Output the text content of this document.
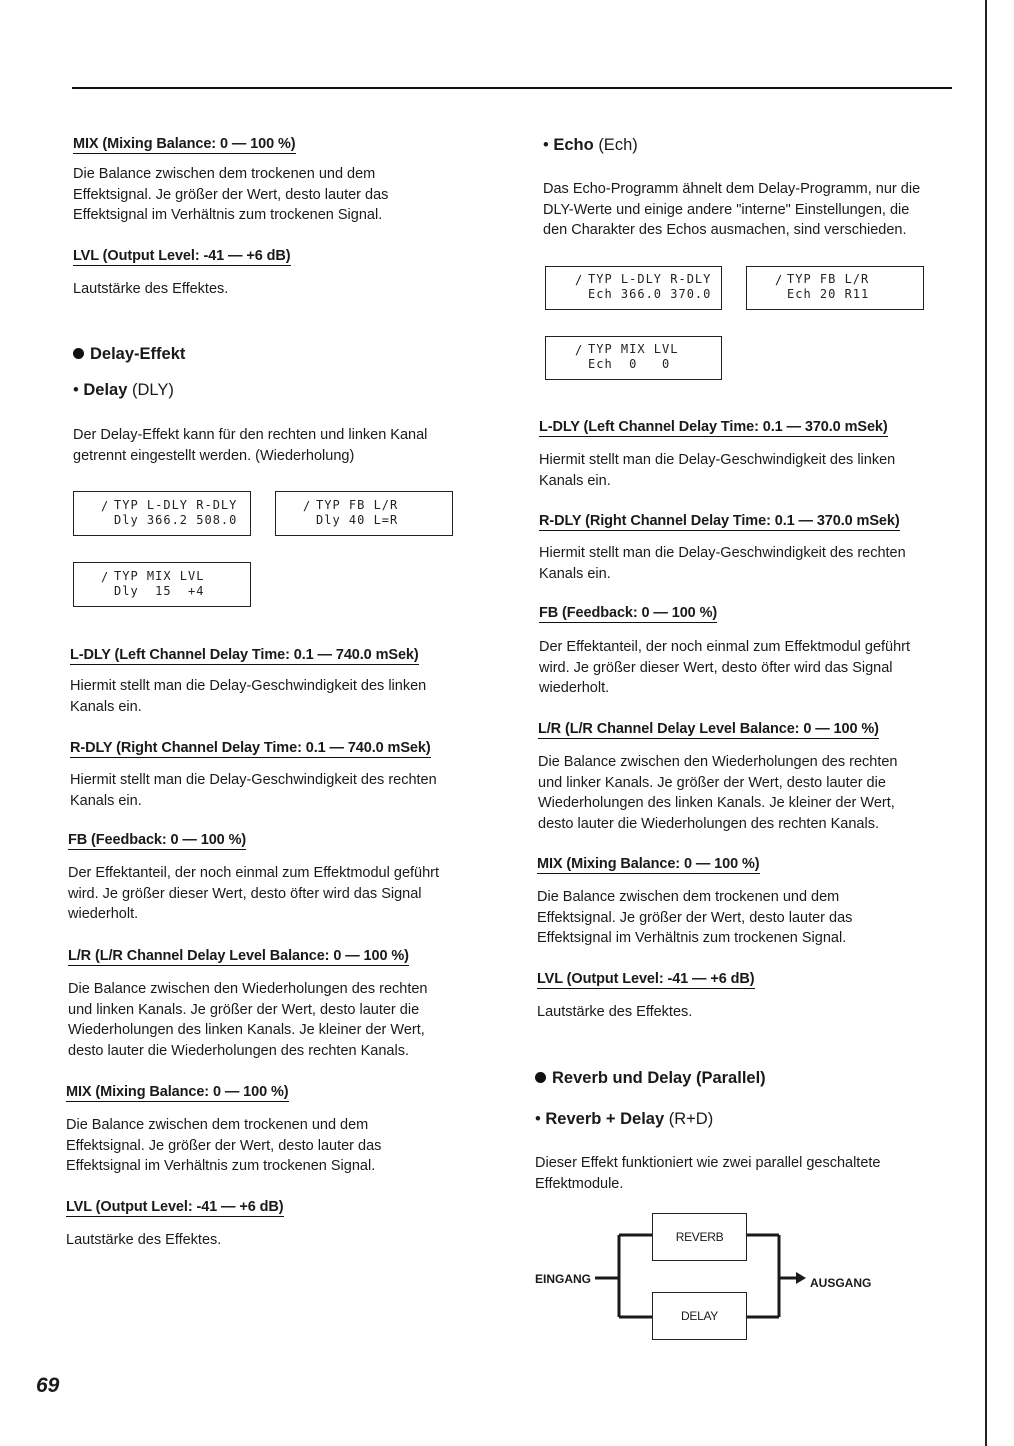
MIX (Mixing Balance: 0 — 100 %)

Die Balance zwischen dem trockenen und dem
Effektsignal. Je größer der Wert, desto lauter das
Effektsignal im Verhältnis zum trockenen Signal.

LVL (Output Level: -41 — +6 dB)

Lautstärke des Effektes.

Delay-Effekt
• Delay (DLY)

Der Delay-Effekt kann für den rechten und linken Kanal
getrennt eingestellt werden. (Wiederholung)

/ TYP L-DLY R-DLY
Dly 366.2 508.0
/ TYP FB L/R
Dly 40 L=R
/ TYP MIX LVL
Dly  15  +4
L-DLY (Left Channel Delay Time: 0.1 — 740.0 mSek)

Hiermit stellt man die Delay-Geschwindigkeit des linken
Kanals ein.

R-DLY (Right Channel Delay Time: 0.1 — 740.0 mSek)

Hiermit stellt man die Delay-Geschwindigkeit des rechten
Kanals ein.

FB (Feedback: 0 — 100 %)

Der Effektanteil, der noch einmal zum Effektmodul geführt
wird. Je größer dieser Wert, desto öfter wird das Signal
wiederholt.

L/R (L/R Channel Delay Level Balance: 0 — 100 %)

Die Balance zwischen den Wiederholungen des rechten
und linken Kanals. Je größer der Wert, desto lauter die
Wiederholungen des linken Kanals. Je kleiner der Wert,
desto lauter die Wiederholungen des rechten Kanals.

MIX (Mixing Balance: 0 — 100 %)

Die Balance zwischen dem trockenen und dem
Effektsignal. Je größer der Wert, desto lauter das
Effektsignal im Verhältnis zum trockenen Signal.

LVL (Output Level: -41 — +6 dB)

Lautstärke des Effektes.

• Echo (Ech)

Das Echo-Programm ähnelt dem Delay-Programm, nur die
DLY-Werte und einige andere "interne" Einstellungen, die
den Charakter des Echos ausmachen, sind verschieden.

/ TYP L-DLY R-DLY
Ech 366.0 370.0
/ TYP FB L/R
Ech 20 R11
/ TYP MIX LVL
Ech  0   0
L-DLY (Left Channel Delay Time: 0.1 — 370.0 mSek)

Hiermit stellt man die Delay-Geschwindigkeit des linken
Kanals ein.

R-DLY (Right Channel Delay Time: 0.1 — 370.0 mSek)

Hiermit stellt man die Delay-Geschwindigkeit des rechten
Kanals ein.

FB (Feedback: 0 — 100 %)

Der Effektanteil, der noch einmal zum Effektmodul geführt
wird. Je größer dieser Wert, desto öfter wird das Signal
wiederholt.

L/R (L/R Channel Delay Level Balance: 0 — 100 %)

Die Balance zwischen den Wiederholungen des rechten
und linker Kanals. Je größer der Wert, desto lauter die
Wiederholungen des linken Kanals. Je kleiner der Wert,
desto lauter die Wiederholungen des rechten Kanals.

MIX (Mixing Balance: 0 — 100 %)

Die Balance zwischen dem trockenen und dem
Effektsignal. Je größer der Wert, desto lauter das
Effektsignal im Verhältnis zum trockenen Signal.

LVL (Output Level: -41 — +6 dB)

Lautstärke des Effektes.

Reverb und Delay (Parallel)
• Reverb + Delay (R+D)

Dieser Effekt funktioniert wie zwei parallel geschaltete
Effektmodule.

REVERB
DELAY
EINGANG	AUSGANG
69
